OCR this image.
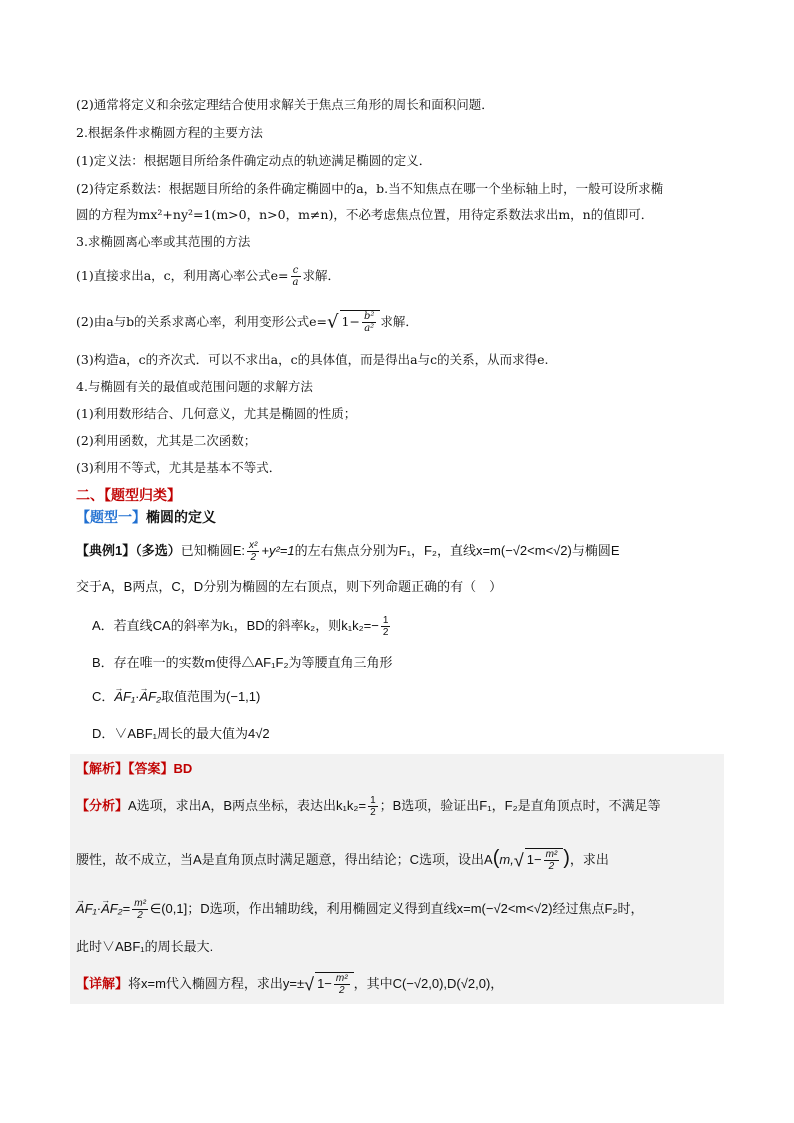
(2)通常将定义和余弦定理结合使用求解关于焦点三角形的周长和面积问题．
2.根据条件求椭圆方程的主要方法
(1)定义法：根据题目所给条件确定动点的轨迹满足椭圆的定义．
(2)待定系数法：根据题目所给的条件确定椭圆中的a，b.当不知焦点在哪一个坐标轴上时，一般可设所求椭
圆的方程为mx²+ny²=1(m>0，n>0，m≠n)，不必考虑焦点位置，用待定系数法求出m，n的值即可．
3.求椭圆离心率或其范围的方法
(1)直接求出a，c，利用离心率公式$e= \frac{c}{a}$ 求解．
(2)由a与b的关系求离心率，利用变形公式e=√ $1- \frac{\text{b²}}{\text{a²}}$ 求解．
(3)构造a，c的齐次式．可以不求出a，c的具体值，而是得出a与c的关系，从而求得e.
4.与椭圆有关的最值或范围问题的求解方法
(1)利用数形结合、几何意义，尤其是椭圆的性质；
(2)利用函数，尤其是二次函数；
(3)利用不等式，尤其是基本不等式．
二、【题型归类】
【题型一】椭圆的定义
【典例1】（多选）已知椭圆E: $\frac{\text{x²}}{2} +y^2=1$的左右焦点分别为F₁，F₂，直线x=m(−√2<m<√2)与椭圆E
交于A，B两点，C，D分别为椭圆的左右顶点，则下列命题正确的有（　）
A．若直线CA的斜率为k₁，BD的斜率k₂，则$k_1k_2=- \frac{1}{2}$
B．存在唯一的实数m使得△AF₁F₂为等腰直角三角形
C．→ AF₁·→ AF₂取值范围为(−1,1)
D．∨ABF₁周长的最大值为4√2
【解析】【答案】BD
【分析】A选项，求出A，B两点坐标，表达出$k_1k_2= \frac{1}{2}$ ；B选项，验证出F₁，F₂是直角顶点时，不满足等
腰性，故不成立，当A是直角顶点时满足题意，得出结论；C选项，设出A(m,√ $1- \frac{\text{m²}}{2}$ )，求出
→ $AF_1\cdot\to AF_2= \frac{\text{m²}}{2}$ ∈(0,1]；D选项，作出辅助线，利用椭圆定义得到直线x=m(−√2<m<√2)经过焦点F₂时，
此时∨ABF₁的周长最大.
【详解】将x=m代入椭圆方程，求出y=±√ $1- \frac{\text{m²}}{2}$ ，其中C(−√2,0),D(√2,0)，
